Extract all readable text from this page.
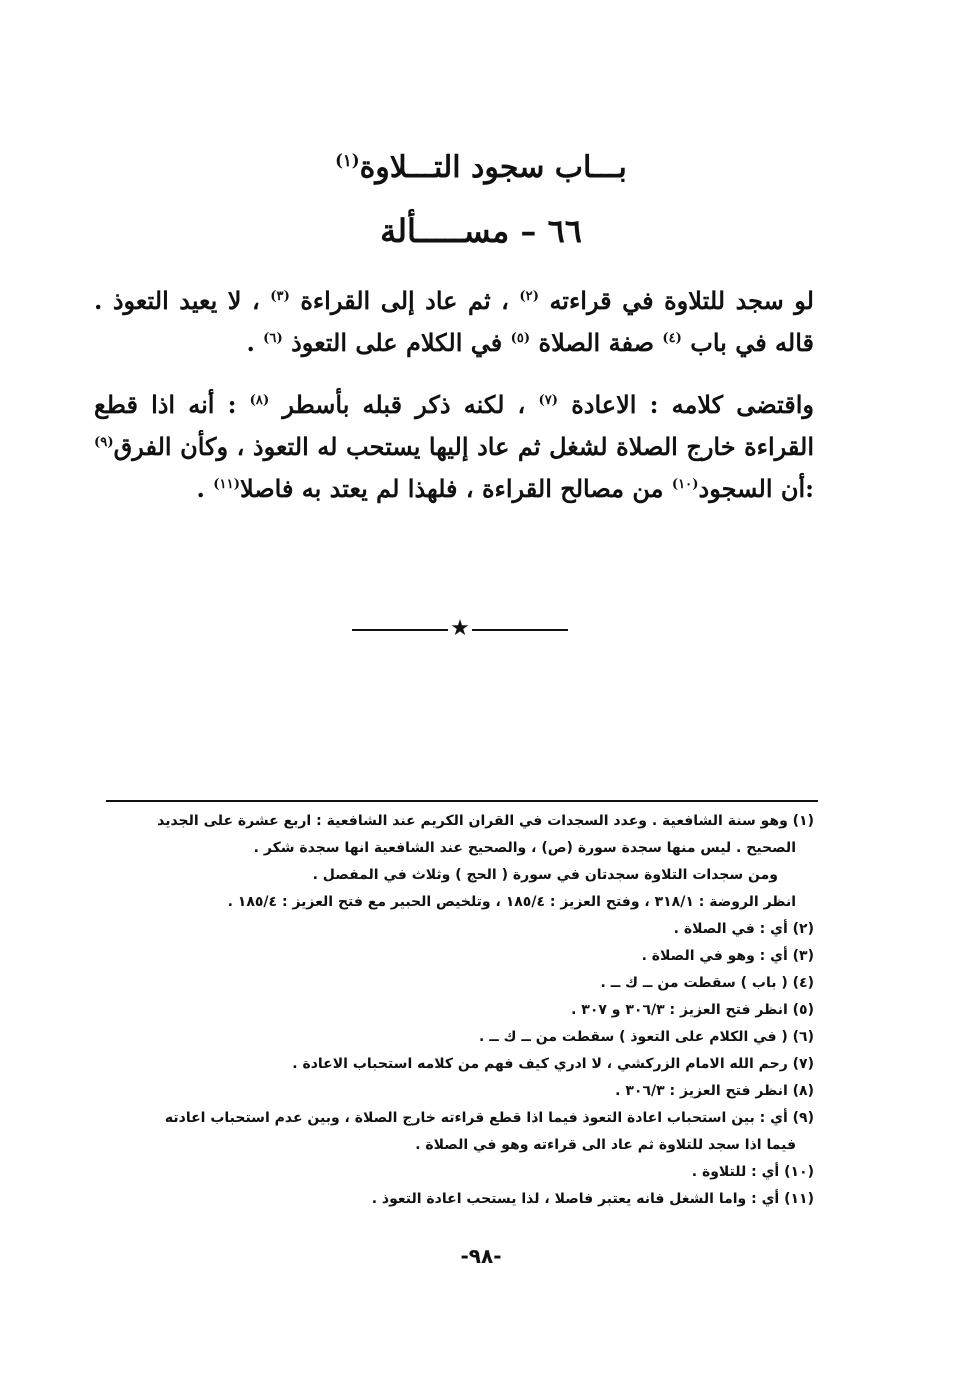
بـــاب سجود التـــلاوة$^{(١)}$
٦٦ – مســـــألة
لو سجد للتلاوة في قراءته $^{(٢)}$ ، ثم عاد إلى القراءة $^{(٣)}$ ، لا يعيد التعوذ . قاله في باب $^{(٤)}$ صفة الصلاة $^{(٥)}$ في الكلام على التعوذ $^{(٦)}$ .
واقتضى كلامه : الاعادة $^{(٧)}$ ، لكنه ذكر قبله بأسطر $^{(٨)}$ : أنه اذا قطع القراءة خارج الصلاة لشغل ثم عاد إليها يستحب له التعوذ ، وكأن الفرق$^{(٩)}$ :أن السجود$^{(١٠)}$ من مصالح القراءة ، فلهذا لم يعتد به فاصلا$^{(١١)}$ .
★
(١) وهو سنة الشافعية . وعدد السجدات في القران الكريم عند الشافعية : اربع عشرة على الجديد
الصحيح . ليس منها سجدة سورة (ص) ، والصحيح عند الشافعية انها سجدة شكر .
ومن سجدات التلاوة سجدتان في سورة ( الحج ) وثلاث في المفصل .
انظر الروضة : ٣١٨/١ ، وفتح العزيز : ١٨٥/٤ ، وتلخيص الحبير مع فتح العزيز : ١٨٥/٤ .
(٢) أي : في الصلاة .
(٣) أي : وهو في الصلاة .
(٤) ( باب ) سقطت من ــ ك ــ .
(٥) انظر فتح العزيز : ٣٠٦/٣ و ٣٠٧ .
(٦) ( في الكلام على التعوذ ) سقطت من ــ ك ــ .
(٧) رحم الله الامام الزركشي ، لا ادري كيف فهم من كلامه استحباب الاعادة .
(٨) انظر فتح العزيز : ٣٠٦/٣ .
(٩) أي : بين استحباب اعادة التعوذ فيما اذا قطع قراءته خارج الصلاة ، وبين عدم استحباب اعادته
فيما اذا سجد للتلاوة ثم عاد الى قراءته وهو في الصلاة .
(١٠) أي : للتلاوة .
(١١) أي : واما الشغل فانه يعتبر فاصلا ، لذا يستحب اعادة التعوذ .
-٩٨-
